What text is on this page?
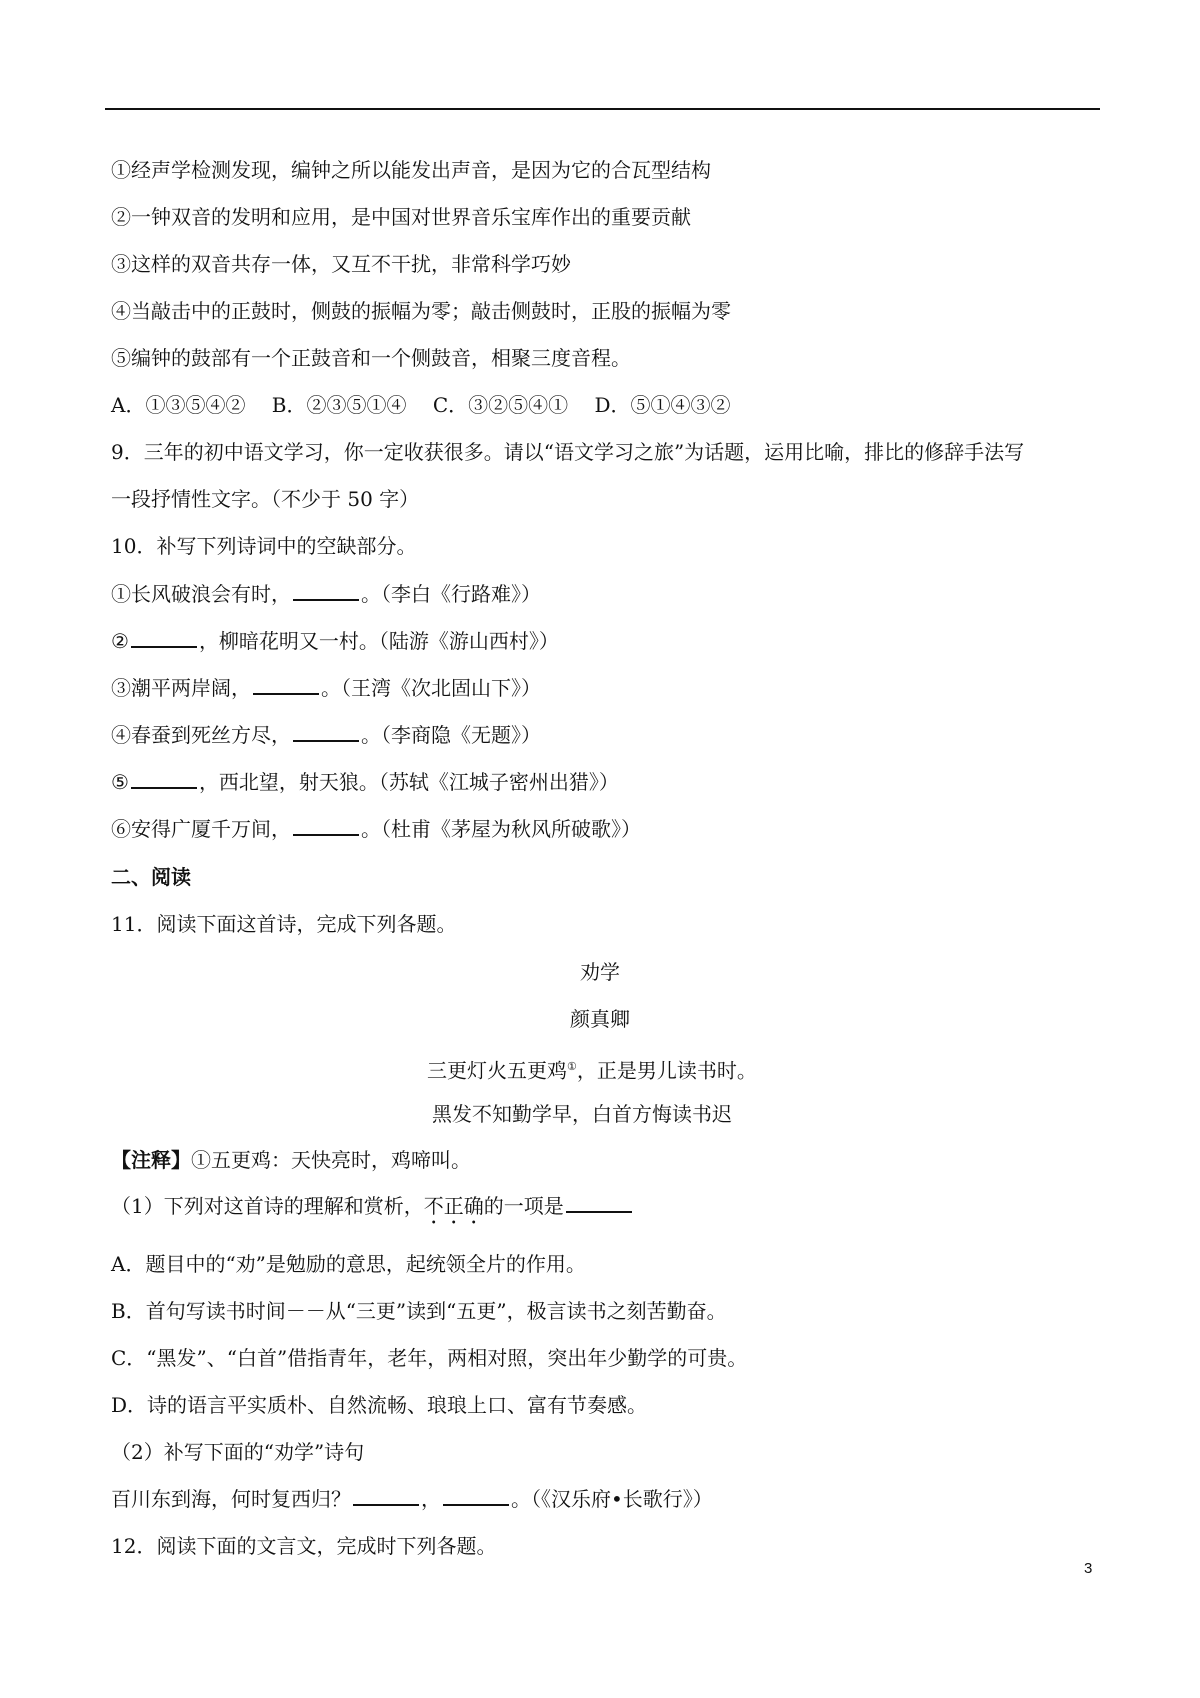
①经声学检测发现，编钟之所以能发出声音，是因为它的合瓦型结构
②一钟双音的发明和应用，是中国对世界音乐宝库作出的重要贡献
③这样的双音共存一体，又互不干扰，非常科学巧妙
④当敲击中的正鼓时，侧鼓的振幅为零；敲击侧鼓时，正股的振幅为零
⑤编钟的鼓部有一个正鼓音和一个侧鼓音，相聚三度音程。
A．①③⑤④②　 B．②③⑤①④　 C．③②⑤④①　 D．⑤①④③②
9．三年的初中语文学习，你一定收获很多。请以“语文学习之旅”为话题，运用比喻，排比的修辞手法写
一段抒情性文字。（不少于 50 字）
10．补写下列诗词中的空缺部分。
①长风破浪会有时，	。（李白《行路难》）
②	，柳暗花明又一村。（陆游《游山西村》）
③潮平两岸阔，	。（王湾《次北固山下》）
④春蚕到死丝方尽，	。（李商隐《无题》）
⑤	，西北望，射天狼。（苏轼《江城子密州出猎》）
⑥安得广厦千万间，	。（杜甫《茅屋为秋风所破歌》）
二、阅读
11．阅读下面这首诗，完成下列各题。
劝学
颜真卿
三更灯火五更鸡①，正是男儿读书时。
黑发不知勤学早，白首方悔读书迟
【注释】①五更鸡：天快亮时，鸡啼叫。
（1）下列对这首诗的理解和赏析，不正确的一项是
A．题目中的“劝”是勉励的意思，起统领全片的作用。
B．首句写读书时间－－从“三更”读到“五更”，极言读书之刻苦勤奋。
C．“黑发”、“白首”借指青年，老年，两相对照，突出年少勤学的可贵。
D．诗的语言平实质朴、自然流畅、琅琅上口、富有节奏感。
（2）补写下面的“劝学”诗句
百川东到海，何时复西归？	，	。（《汉乐府•长歌行》）
12．阅读下面的文言文，完成时下列各题。
3
